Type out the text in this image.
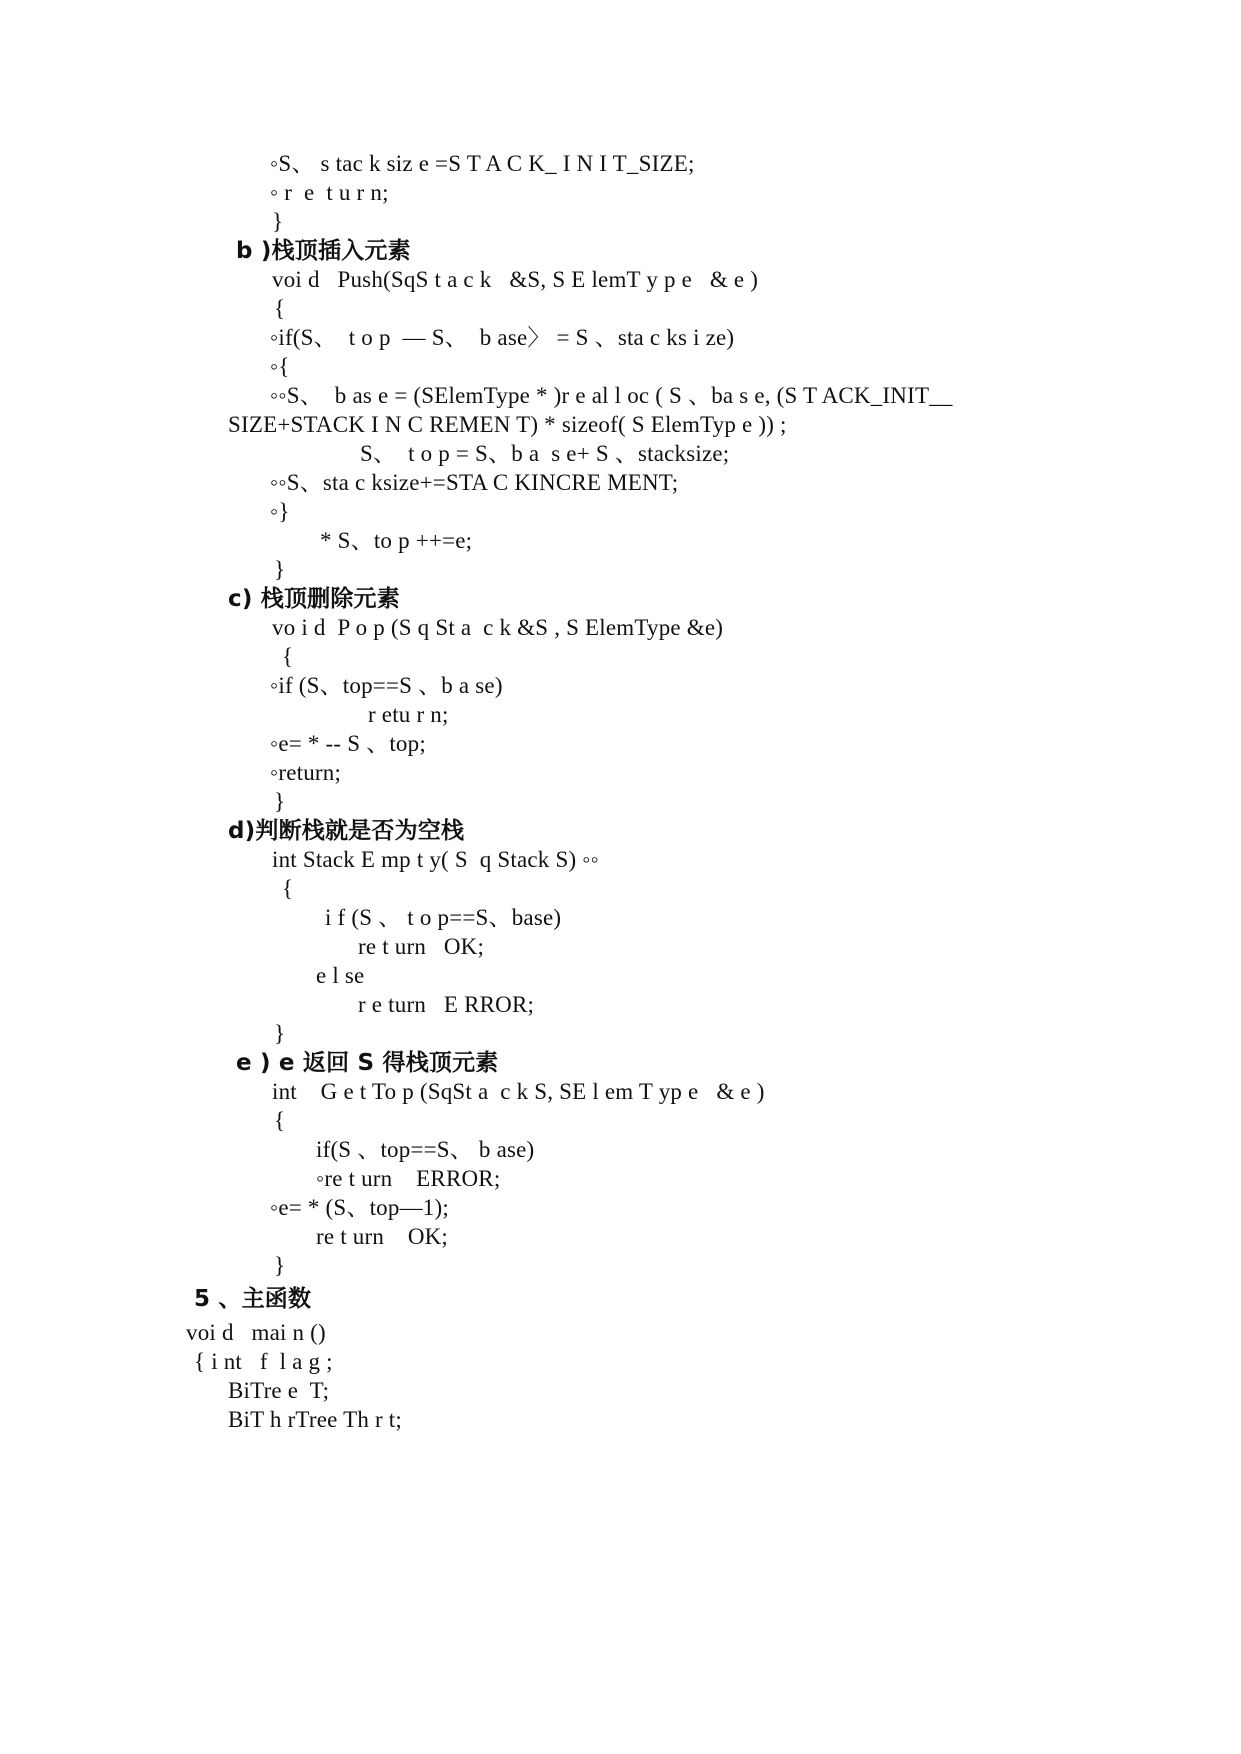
◦S、 s tac k siz e =S T A C K_ I N I T_SIZE;
◦ r  e  t u r n;
}
b )栈顶插入元素
voi d   Push(SqS t a c k   &S, S E lemT y p e   & e )
{
◦if(S、  t o p  — S、  b ase〉 = S 、sta c ks i ze)
◦{
◦◦S、  b as e = (SElemType * )r e al l oc ( S 、ba s e, (S T ACK_INIT__
SIZE+STACK I N C REMEN T) * sizeof( S ElemTyp e )) ;
S、  t o p = S、b a  s e+ S 、stacksize;
◦◦S、sta c ksize+=STA C KINCRE MENT;
◦}
* S、to p ++=e;
}
c) 栈顶删除元素
vo i d  P o p (S q St a  c k &S , S ElemType &e)
{
◦if (S、top==S 、b a se)
r etu r n;
◦e= * -- S 、top;
◦return;
}
d)判断栈就是否为空栈
int Stack E mp t y( S  q Stack S) ◦◦
{
i f (S 、 t o p==S、base)
re t urn   OK;
e l se
r e turn   E RROR;
}
e ) e 返回 S 得栈顶元素
int    G e t To p (SqSt a  c k S, SE l em T yp e   & e )
{
if(S 、top==S、 b ase)
◦re t urn    ERROR;
◦e= * (S、top—1);
re t urn    OK;
}
5 、主函数
voi d   mai n ()
{ i nt   f  l a g ;
BiTre e  T;
BiT h rTree Th r t;
